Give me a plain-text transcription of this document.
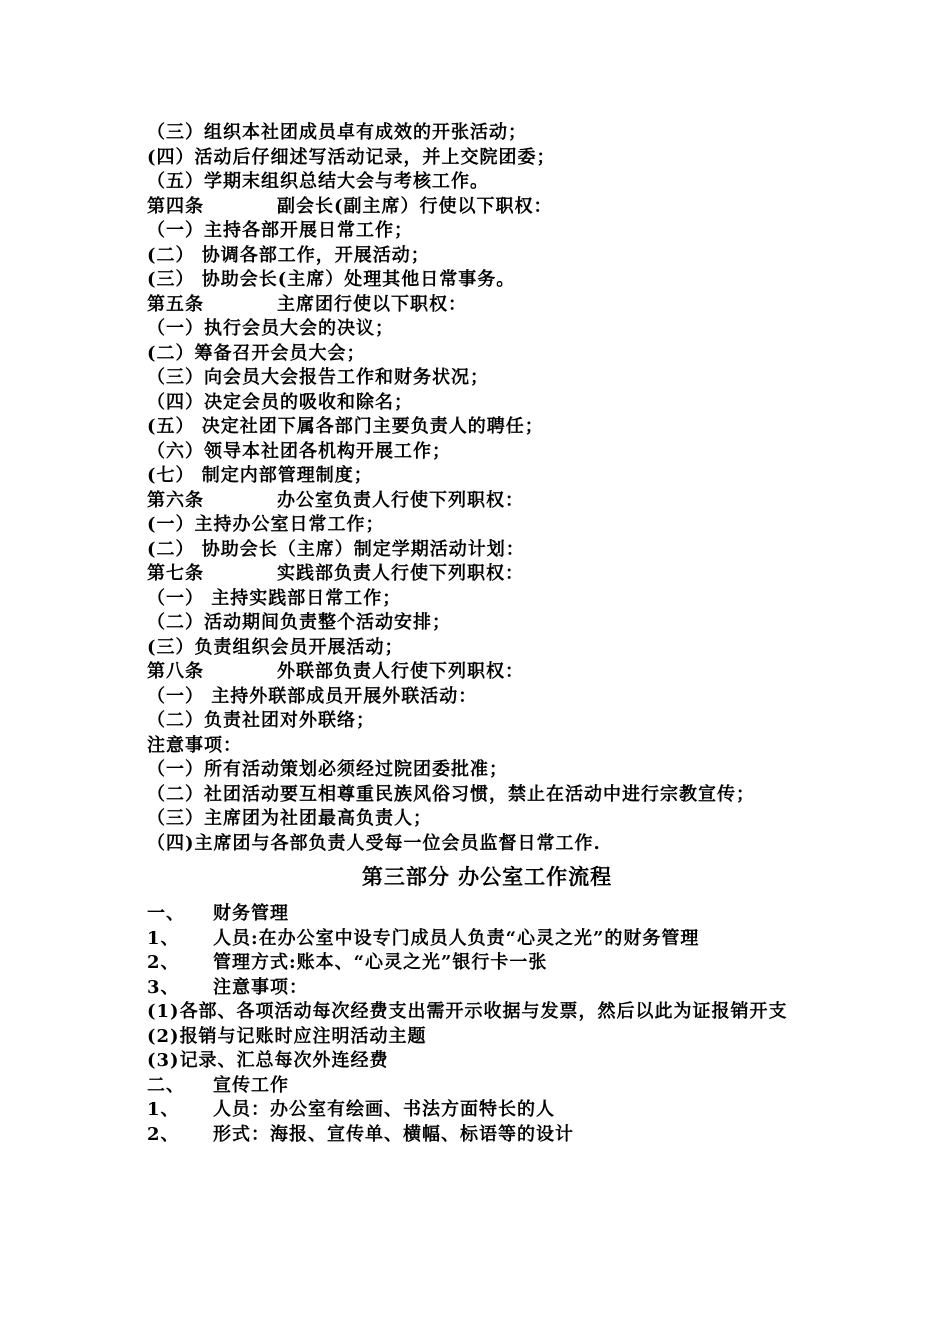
（三）组织本社团成员卓有成效的开张活动；
(四）活动后仔细述写活动记录，并上交院团委；
（五）学期末组织总结大会与考核工作。
第四条	副会长(副主席）行使以下职权：
（一）主持各部开展日常工作；
(二） 协调各部工作，开展活动；
(三） 协助会长(主席）处理其他日常事务。
第五条	主席团行使以下职权：
（一）执行会员大会的决议；
(二）筹备召开会员大会；
（三）向会员大会报告工作和财务状况；
（四）决定会员的吸收和除名；
(五） 决定社团下属各部门主要负责人的聘任；
（六）领导本社团各机构开展工作；
(七） 制定内部管理制度；
第六条	办公室负责人行使下列职权：
(一）主持办公室日常工作；
(二） 协助会长（主席）制定学期活动计划：
第七条	实践部负责人行使下列职权：
（一） 主持实践部日常工作；
（二）活动期间负责整个活动安排；
(三）负责组织会员开展活动；
第八条	外联部负责人行使下列职权：
（一） 主持外联部成员开展外联活动：
（二）负责社团对外联络；
注意事项：
（一）所有活动策划必须经过院团委批准；
（二）社团活动要互相尊重民族风俗习惯，禁止在活动中进行宗教宣传；
（三）主席团为社团最高负责人；
（四)主席团与各部负责人受每一位会员监督日常工作.
第三部分 办公室工作流程
一、 财务管理
1、 人员:在办公室中设专门成员人负责“心灵之光”的财务管理
2、 管理方式:账本、“心灵之光”银行卡一张
3、 注意事项：
(1) 各部、各项活动每次经费支出需开示收据与发票，然后以此为证报销开支
(2) 报销与记账时应注明活动主题
(3) 记录、汇总每次外连经费
二、 宣传工作
1、 人员：办公室有绘画、书法方面特长的人
2、 形式：海报、宣传单、横幅、标语等的设计
